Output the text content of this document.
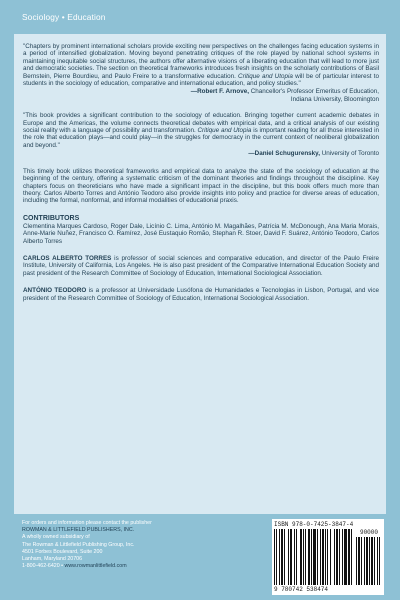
Sociology • Education

"Chapters by prominent international scholars provide exciting new perspectives on the challenges facing education systems in a period of intensified globalization. Moving beyond penetrating critiques of the role played by national school systems in maintaining inequitable social structures, the authors offer alternative visions of a liberating education that will lead to more just and democratic societies. The section on theoretical frameworks introduces fresh insights on the scholarly contributions of Basil Bernstein, Pierre Bourdieu, and Paulo Freire to a transformative education. Critique and Utopia will be of particular interest to students in the sociology of education, comparative and international education, and policy studies."

—Robert F. Arnove, Chancellor's Professor Emeritus of Education,
Indiana University, Bloomington

"This book provides a significant contribution to the sociology of education. Bringing together current academic debates in Europe and the Americas, the volume connects theoretical debates with empirical data, and a critical analysis of our existing social reality with a language of possibility and transformation. Critique and Utopia is important reading for all those interested in the role that education plays—and could play—in the struggles for democracy in the current context of neoliberal globalization and beyond."

—Daniel Schugurensky, University of Toronto

This timely book utilizes theoretical frameworks and empirical data to analyze the state of the sociology of education at the beginning of the century, offering a systematic criticism of the dominant theories and findings throughout the discipline. Key chapters focus on theoreticians who have made a significant impact in the discipline, but this book offers much more than theory. Carlos Alberto Torres and António Teodoro also provide insights into policy and practice for diverse areas of education, including the formal, nonformal, and informal modalities of educational praxis.

CONTRIBUTORS

Clementina Marques Cardoso, Roger Dale, Licínio C. Lima, António M. Magalhães, Patrícia M. McDonough, Ana Maria Morais, Anne-Marie Nuñez, Francisco O. Ramírez, José Eustaquio Romão, Stephan R. Stoer, David F. Suárez, António Teodoro, Carlos Alberto Torres

CARLOS ALBERTO TORRES is professor of social sciences and comparative education, and director of the Paulo Freire Institute, University of California, Los Angeles. He is also past president of the Comparative International Education Society and past president of the Research Committee of Sociology of Education, International Sociological Association.

ANTÓNIO TEODORO is a professor at Universidade Lusófona de Humanidades e Tecnologias in Lisbon, Portugal, and vice president of the Research Committee of Sociology of Education, International Sociological Association.

For orders and information please contact the publisher
ROWMAN & LITTLEFIELD PUBLISHERS, INC.
A wholly owned subsidiary of
The Rowman & Littlefield Publishing Group, Inc.
4501 Forbes Boulevard, Suite 200
Lanham, Maryland 20706
1-800-462-6420 • www.rowmanlittlefield.com
ISBN 978-0-7425-3847-4
90000
9 780742 538474
